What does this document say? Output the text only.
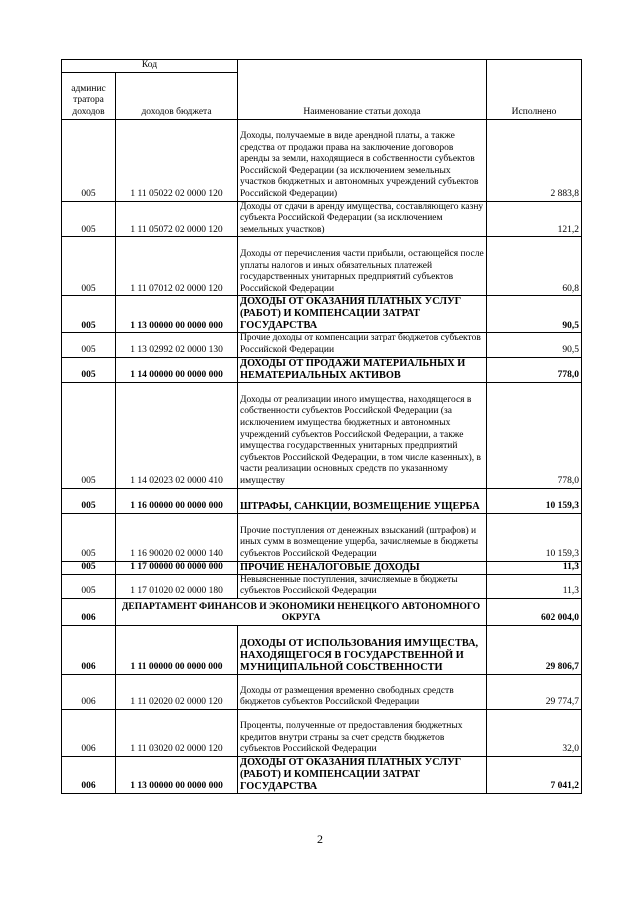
Код		Наименование статьи дохода	Исполнено
админис тратора доходов	доходов бюджета		
005	1 11 05022 02 0000 120	Доходы, получаемые в виде арендной платы, а также средства от продажи права на заключение договоров аренды за земли, находящиеся в собственности субъектов Российской Федерации (за исключением земельных участков бюджетных и автономных учреждений субъектов Российской Федерации)	2 883,8
005	1 11 05072 02 0000 120	Доходы от сдачи в аренду имущества, составляющего казну субъекта Российской Федерации (за исключением земельных участков)	121,2
005	1 11 07012 02 0000 120	Доходы от перечисления части прибыли, остающейся после уплаты налогов и иных обязательных платежей государственных унитарных предприятий субъектов Российской Федерации	60,8
005	1 13 00000 00 0000 000	ДОХОДЫ ОТ ОКАЗАНИЯ ПЛАТНЫХ УСЛУГ (РАБОТ) И КОМПЕНСАЦИИ ЗАТРАТ ГОСУДАРСТВА	90,5
005	1 13 02992 02 0000 130	Прочие доходы от компенсации затрат бюджетов субъектов Российской Федерации	90,5
005	1 14 00000 00 0000 000	ДОХОДЫ ОТ ПРОДАЖИ МАТЕРИАЛЬНЫХ И НЕМАТЕРИАЛЬНЫХ АКТИВОВ	778,0
005	1 14 02023 02 0000 410	Доходы от реализации иного имущества, находящегося в собственности субъектов Российской Федерации (за исключением имущества бюджетных и автономных учреждений субъектов Российской Федерации, а также имущества государственных унитарных предприятий субъектов Российской Федерации, в том числе казенных), в части реализации основных средств по указанному имуществу	778,0
005	1 16 00000 00 0000 000	ШТРАФЫ, САНКЦИИ, ВОЗМЕЩЕНИЕ УЩЕРБА	10 159,3
005	1 16 90020 02 0000 140	Прочие поступления от денежных взысканий (штрафов) и иных сумм в возмещение ущерба, зачисляемые в бюджеты субъектов Российской Федерации	10 159,3
005	1 17 00000 00 0000 000	ПРОЧИЕ НЕНАЛОГОВЫЕ ДОХОДЫ	11,3
005	1 17 01020 02 0000 180	Невыясненные поступления, зачисляемые в бюджеты субъектов Российской Федерации	11,3
006	ДЕПАРТАМЕНТ ФИНАНСОВ И ЭКОНОМИКИ НЕНЕЦКОГО АВТОНОМНОГО ОКРУГА		602 004,0
006	1 11 00000 00 0000 000	ДОХОДЫ ОТ ИСПОЛЬЗОВАНИЯ ИМУЩЕСТВА, НАХОДЯЩЕГОСЯ В ГОСУДАРСТВЕННОЙ И МУНИЦИПАЛЬНОЙ СОБСТВЕННОСТИ	29 806,7
006	1 11 02020 02 0000 120	Доходы от размещения временно свободных средств бюджетов субъектов Российской Федерации	29 774,7
006	1 11 03020 02 0000 120	Проценты, полученные от предоставления бюджетных кредитов внутри страны за счет средств бюджетов субъектов Российской Федерации	32,0
006	1 13 00000 00 0000 000	ДОХОДЫ ОТ ОКАЗАНИЯ ПЛАТНЫХ УСЛУГ (РАБОТ) И КОМПЕНСАЦИИ ЗАТРАТ ГОСУДАРСТВА	7 041,2
2
